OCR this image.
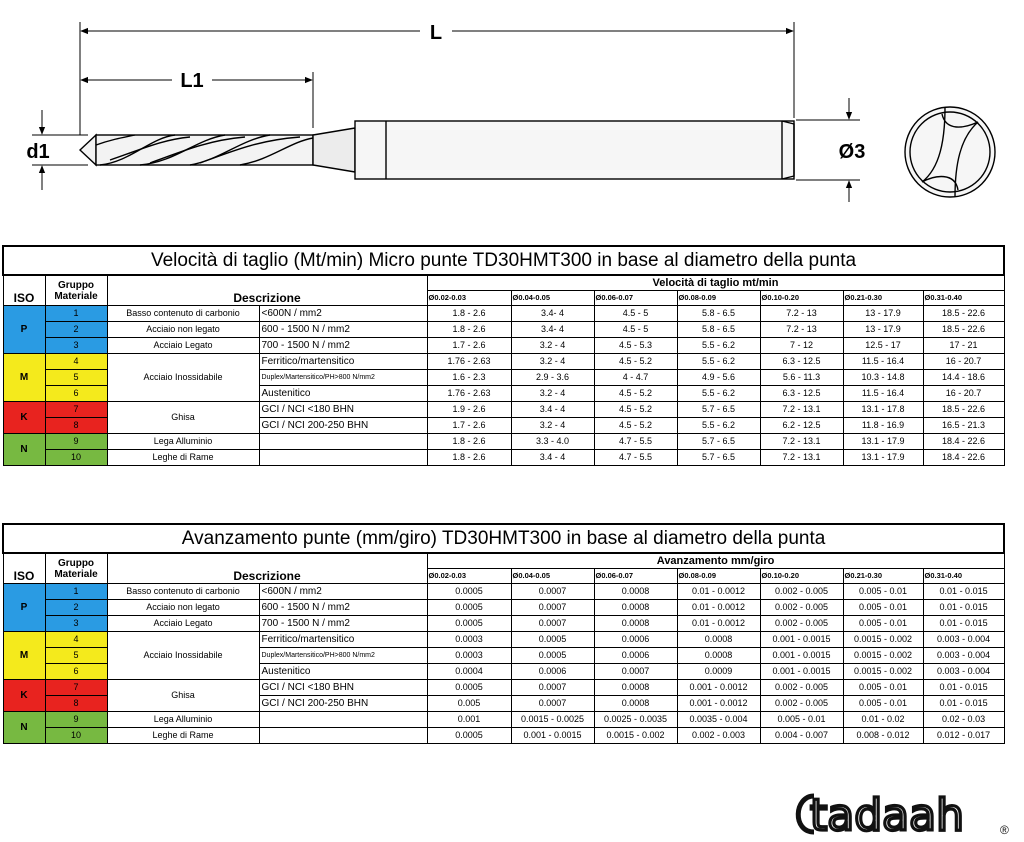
L
L1
d1	Ø3
Velocità di taglio (Mt/min) Micro punte TD30HMT300 in base al diametro della punta										
ISO	Gruppo Materiale	Descrizione		Velocità di taglio mt/min						
				Ø0.02-0.03	Ø0.04-0.05	Ø0.06-0.07	Ø0.08-0.09	Ø0.10-0.20	Ø0.21-0.30	Ø0.31-0.40
P	1	Basso contenuto di carbonio	<600N / mm2	1.8 - 2.6	3.4- 4	4.5 - 5	5.8 - 6.5	7.2 - 13	13 - 17.9	18.5 - 22.6
	2	Acciaio non legato	600 - 1500 N / mm2	1.8 - 2.6	3.4- 4	4.5 - 5	5.8 - 6.5	7.2 - 13	13 - 17.9	18.5 - 22.6
	3	Acciaio Legato	700 - 1500 N / mm2	1.7 - 2.6	3.2 - 4	4.5 - 5.3	5.5 - 6.2	7 - 12	12.5 - 17	17 - 21
M	4	Acciaio Inossidabile	Ferritico/martensitico	1.76 - 2.63	3.2 - 4	4.5 - 5.2	5.5 - 6.2	6.3 - 12.5	11.5 - 16.4	16 - 20.7
	5		Duplex/Martensitico/PH>800 N/mm2	1.6 - 2.3	2.9 - 3.6	4 - 4.7	4.9 - 5.6	5.6 - 11.3	10.3 - 14.8	14.4 - 18.6
	6		Austenitico	1.76 - 2.63	3.2 - 4	4.5 - 5.2	5.5 - 6.2	6.3 - 12.5	11.5 - 16.4	16 - 20.7
K	7	Ghisa	GCI / NCI <180 BHN	1.9 - 2.6	3.4 - 4	4.5 - 5.2	5.7 - 6.5	7.2 - 13.1	13.1 - 17.8	18.5 - 22.6
	8		GCI / NCI 200-250 BHN	1.7 - 2.6	3.2 - 4	4.5 - 5.2	5.5 - 6.2	6.2 - 12.5	11.8 - 16.9	16.5 - 21.3
N	9	Lega Alluminio		1.8 - 2.6	3.3 - 4.0	4.7 - 5.5	5.7 - 6.5	7.2 - 13.1	13.1 - 17.9	18.4 - 22.6
	10	Leghe di Rame		1.8 - 2.6	3.4 - 4	4.7 - 5.5	5.7 - 6.5	7.2 - 13.1	13.1 - 17.9	18.4 - 22.6
Avanzamento punte (mm/giro) TD30HMT300 in base al diametro della punta										
ISO	Gruppo Materiale	Descrizione		Avanzamento mm/giro						
				Ø0.02-0.03	Ø0.04-0.05	Ø0.06-0.07	Ø0.08-0.09	Ø0.10-0.20	Ø0.21-0.30	Ø0.31-0.40
P	1	Basso contenuto di carbonio	<600N / mm2	0.0005	0.0007	0.0008	0.01 - 0.0012	0.002 - 0.005	0.005 - 0.01	0.01 - 0.015
	2	Acciaio non legato	600 - 1500 N / mm2	0.0005	0.0007	0.0008	0.01 - 0.0012	0.002 - 0.005	0.005 - 0.01	0.01 - 0.015
	3	Acciaio Legato	700 - 1500 N / mm2	0.0005	0.0007	0.0008	0.01 - 0.0012	0.002 - 0.005	0.005 - 0.01	0.01 - 0.015
M	4	Acciaio Inossidabile	Ferritico/martensitico	0.0003	0.0005	0.0006	0.0008	0.001 - 0.0015	0.0015 - 0.002	0.003 - 0.004
	5		Duplex/Martensitico/PH>800 N/mm2	0.0003	0.0005	0.0006	0.0008	0.001 - 0.0015	0.0015 - 0.002	0.003 - 0.004
	6		Austenitico	0.0004	0.0006	0.0007	0.0009	0.001 - 0.0015	0.0015 - 0.002	0.003 - 0.004
K	7	Ghisa	GCI / NCI <180 BHN	0.0005	0.0007	0.0008	0.001 - 0.0012	0.002 - 0.005	0.005 - 0.01	0.01 - 0.015
	8		GCI / NCI 200-250 BHN	0.005	0.0007	0.0008	0.001 - 0.0012	0.002 - 0.005	0.005 - 0.01	0.01 - 0.015
N	9	Lega Alluminio		0.001	0.0015 - 0.0025	0.0025 - 0.0035	0.0035 - 0.004	0.005 - 0.01	0.01 - 0.02	0.02 - 0.03
	10	Leghe di Rame		0.0005	0.001 - 0.0015	0.0015 - 0.002	0.002 - 0.003	0.004 - 0.007	0.008 - 0.012	0.012 - 0.017
tadaah	®
